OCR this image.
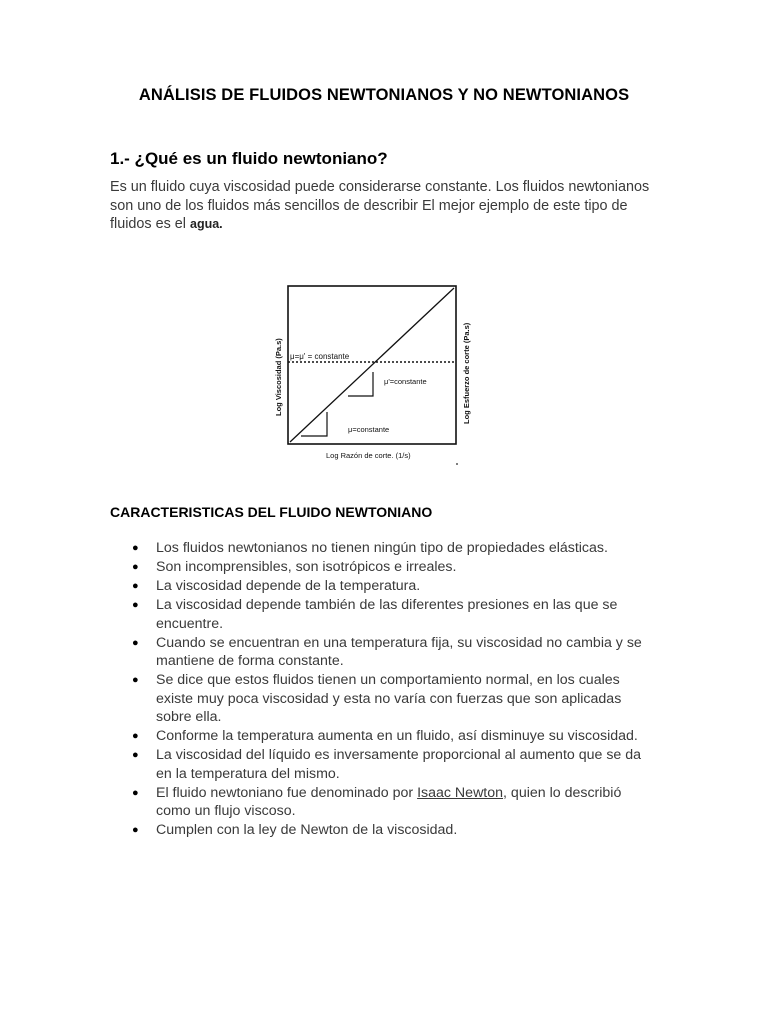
ANÁLISIS DE FLUIDOS NEWTONIANOS Y NO NEWTONIANOS
1.- ¿Qué es un fluido newtoniano?

Es un fluido cuya viscosidad puede considerarse constante. Los fluidos newtonianos son uno de los fluidos más sencillos de describir El mejor ejemplo de este tipo de fluidos es el agua.

μ=μ' = constante
μ'=constante
μ=constante
Log Razón de corte. (1/s)
Log Viscosidad (Pa.s)	Log Esfuerzo de corte (Pa.s)
CARACTERISTICAS DEL FLUIDO NEWTONIANO
● Los fluidos newtonianos no tienen ningún tipo de propiedades elásticas.
● Son incomprensibles, son isotrópicos e irreales.
● La viscosidad depende de la temperatura.
● La viscosidad depende también de las diferentes presiones en las que se encuentre.
● Cuando se encuentran en una temperatura fija, su viscosidad no cambia y se mantiene de forma constante.
● Se dice que estos fluidos tienen un comportamiento normal, en los cuales existe muy poca viscosidad y esta no varía con fuerzas que son aplicadas sobre ella.
● Conforme la temperatura aumenta en un fluido, así disminuye su viscosidad.
● La viscosidad del líquido es inversamente proporcional al aumento que se da en la temperatura del mismo.
● El fluido newtoniano fue denominado por Isaac Newton, quien lo describió como un flujo viscoso.
● Cumplen con la ley de Newton de la viscosidad.
